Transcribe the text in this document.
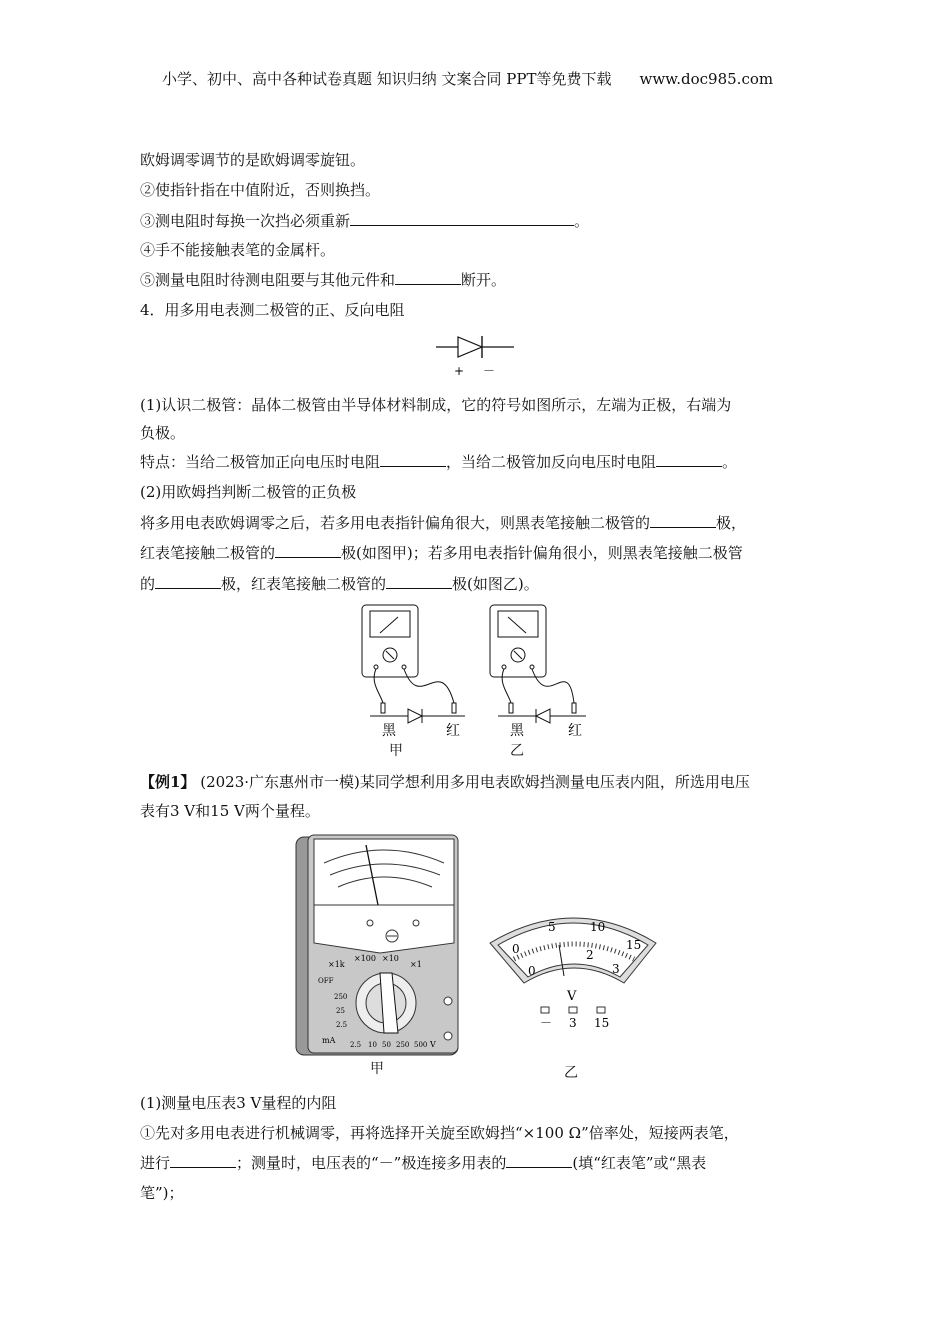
小学、初中、高中各种试卷真题 知识归纳 文案合同 PPT等免费下载 www.doc985.com
欧姆调零调节的是欧姆调零旋钮。
②使指针指在中值附近，否则换挡。
③测电阻时每换一次挡必须重新	。
④手不能接触表笔的金属杆。
⑤测量电阻时待测电阻要与其他元件和	断开。
4．用多用电表测二极管的正、反向电阻
+ －
(1)认识二极管：晶体二极管由半导体材料制成，它的符号如图所示，左端为正极，右端为
负极。
特点：当给二极管加正向电压时电阻	，当给二极管加反向电压时电阻	。
(2)用欧姆挡判断二极管的正负极
将多用电表欧姆调零之后，若多用电表指针偏角很大，则黑表笔接触二极管的	极，
红表笔接触二极管的	极(如图甲)；若多用电表指针偏角很小，则黑表笔接触二极管
的	极，红表笔接触二极管的	极(如图乙)。
黑	红	黑	红
甲	乙
【例1】 (2023·广东惠州市一模)某同学想利用多用电表欧姆挡测量电压表内阻，所选用电压
表有3 V和15 V两个量程。
×1k
×100 ×10
×1
OFF
250
25
2.5
mA 2.5 10 50 250 500 V
0
5	10
15
0
2
3
V
－ 3 15
甲	乙
(1)测量电压表3 V量程的内阻
①先对多用电表进行机械调零，再将选择开关旋至欧姆挡“×100 Ω”倍率处，短接两表笔，
进行	；测量时，电压表的“－”极连接多用表的	(填“红表笔”或“黑表
笔”)；
